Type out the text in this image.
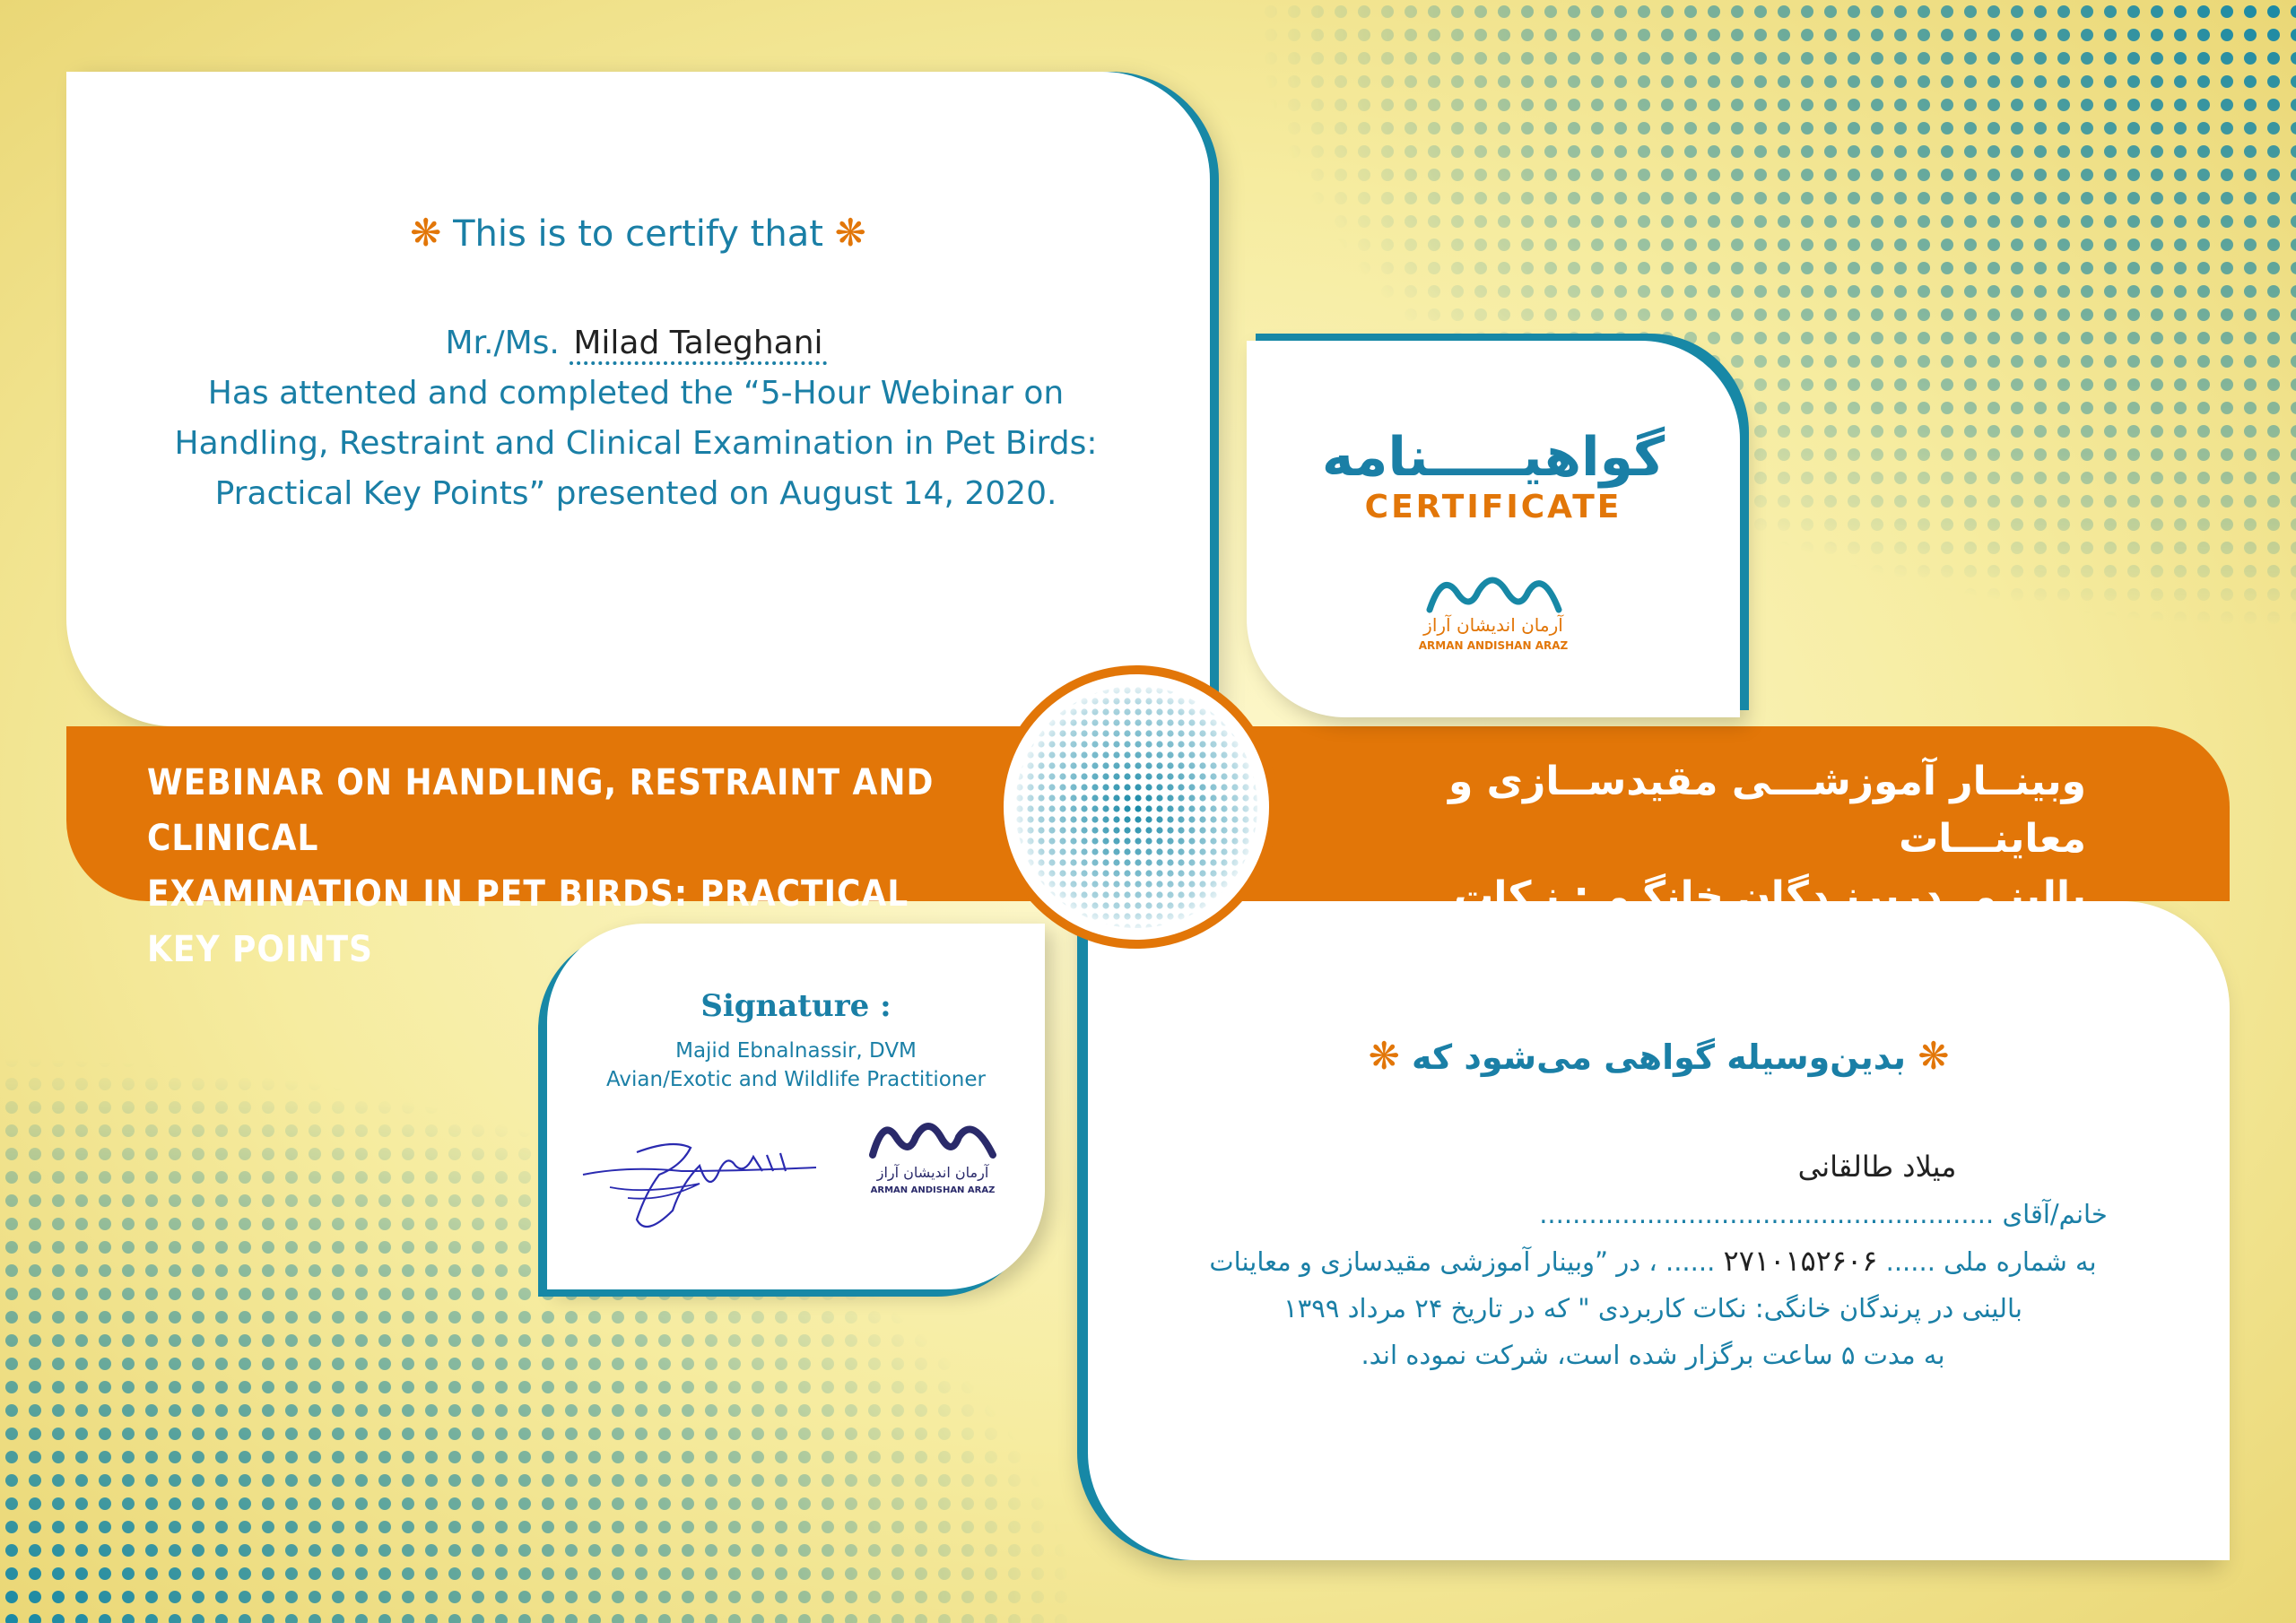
❋ This is to certify that ❋
Mr./Ms. Milad Taleghani
Has attented and completed the “5-Hour Webinar on
Handling, Restraint and Clinical Examination in Pet Birds:
Practical Key Points” presented on August 14, 2020.
❋ بدین‌وسیله گواهی می‌شود که ❋
میلاد طالقانی
خانم/آقای .......................................................
به شماره ملی ...... ۲۷۱۰۱۵۲۶۰۶ ...... ، در ”وبینار آموزشی مقیدسازی و معاینات
بالینی در پرندگان خانگی: نکات کاربردی " که در تاریخ ۲۴ مرداد ۱۳۹۹
به مدت ۵ ساعت برگزار شده است، شرکت نموده اند.
WEBINAR ON HANDLING, RESTRAINT AND CLINICAL
EXAMINATION IN PET BIRDS: PRACTICAL KEY POINTS
وبینــار آموزشـــی مقیدســازی و معاینـــات
بالینـی درپرنـدگان خانگـی: نـکات کاربـردی
گواهیـــــنامه
CERTIFICATE
آرمان اندیشان آراز
ARMAN ANDISHAN ARAZ
Signature :
Majid Ebnalnassir, DVM
Avian/Exotic and Wildlife Practitioner
آرمان اندیشان آراز
ARMAN ANDISHAN ARAZ
